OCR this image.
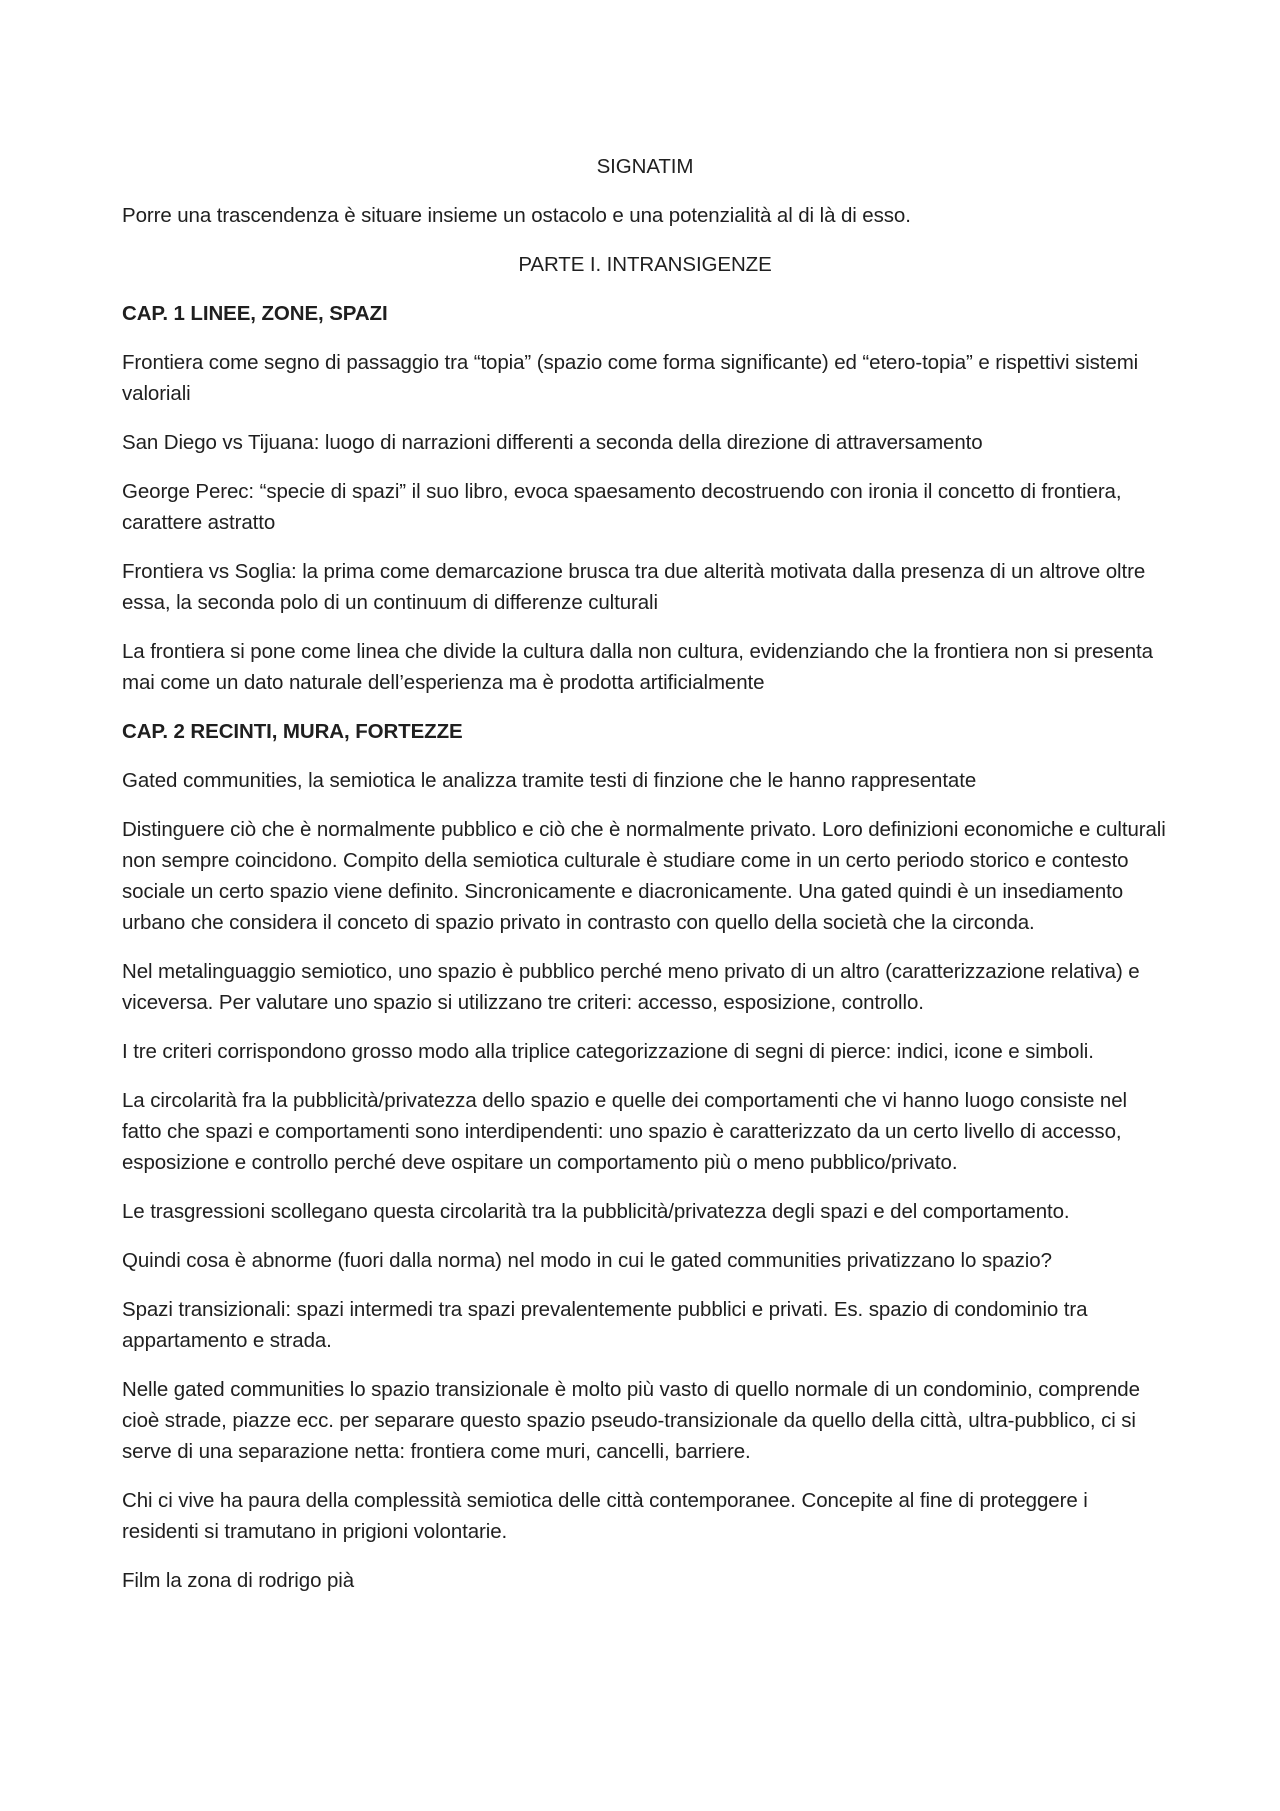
SIGNATIM

Porre una trascendenza è situare insieme un ostacolo e una potenzialità al di là di esso.

PARTE I. INTRANSIGENZE

CAP. 1 LINEE, ZONE, SPAZI

Frontiera come segno di passaggio tra “topia” (spazio come forma significante) ed “etero-topia” e rispettivi sistemi valoriali

San Diego vs Tijuana: luogo di narrazioni differenti a seconda della direzione di attraversamento

George Perec: “specie di spazi” il suo libro, evoca spaesamento decostruendo con ironia il concetto di frontiera, carattere astratto

Frontiera vs Soglia: la prima come demarcazione brusca tra due alterità motivata dalla presenza di un altrove oltre essa, la seconda polo di un continuum di differenze culturali

La frontiera si pone come linea che divide la cultura dalla non cultura, evidenziando che la frontiera non si presenta mai come un dato naturale dell’esperienza ma è prodotta artificialmente

CAP. 2 RECINTI, MURA, FORTEZZE

Gated communities, la semiotica le analizza tramite testi di finzione che le hanno rappresentate

Distinguere ciò che è normalmente pubblico e ciò che è normalmente privato. Loro definizioni economiche e culturali non sempre coincidono. Compito della semiotica culturale è studiare come in un certo periodo storico e contesto sociale un certo spazio viene definito. Sincronicamente e diacronicamente. Una gated quindi è un insediamento urbano che considera il conceto di spazio privato in contrasto con quello della società che la circonda.

Nel metalinguaggio semiotico, uno spazio è pubblico perché meno privato di un altro (caratterizzazione relativa) e viceversa. Per valutare uno spazio si utilizzano tre criteri: accesso, esposizione, controllo.

I tre criteri corrispondono grosso modo alla triplice categorizzazione di segni di pierce: indici, icone e simboli.

La circolarità fra la pubblicità/privatezza dello spazio e quelle dei comportamenti che vi hanno luogo consiste nel fatto che spazi e comportamenti sono interdipendenti: uno spazio è caratterizzato da un certo livello di accesso, esposizione e controllo perché deve ospitare un comportamento più o meno pubblico/privato.

Le trasgressioni scollegano questa circolarità tra la pubblicità/privatezza degli spazi e del comportamento.

Quindi cosa è abnorme (fuori dalla norma) nel modo in cui le gated communities privatizzano lo spazio?

Spazi transizionali: spazi intermedi tra spazi prevalentemente pubblici e privati. Es. spazio di condominio tra appartamento e strada.

Nelle gated communities lo spazio transizionale è molto più vasto di quello normale di un condominio, comprende cioè strade, piazze ecc. per separare questo spazio pseudo-transizionale da quello della città, ultra-pubblico, ci si serve di una separazione netta: frontiera come muri, cancelli, barriere.

Chi ci vive ha paura della complessità semiotica delle città contemporanee. Concepite al fine di proteggere i residenti si tramutano in prigioni volontarie.

Film la zona di rodrigo pià
